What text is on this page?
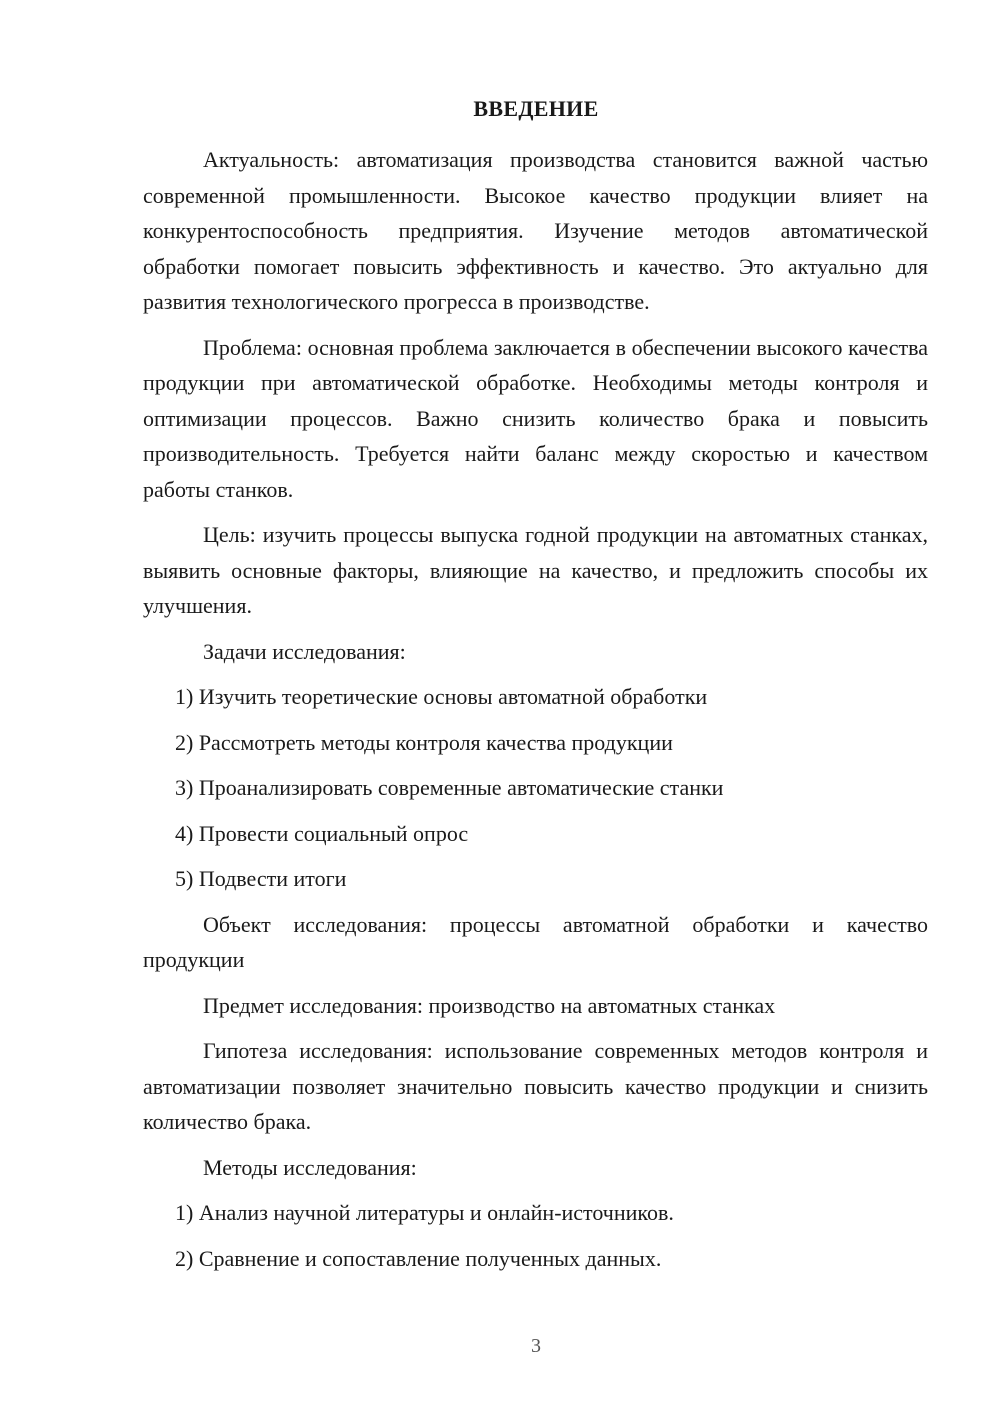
ВВЕДЕНИЕ

Актуальность: автоматизация производства становится важной частью современной промышленности. Высокое качество продукции влияет на конкурентоспособность предприятия. Изучение методов автоматической обработки помогает повысить эффективность и качество. Это актуально для развития технологического прогресса в производстве.

Проблема: основная проблема заключается в обеспечении высокого качества продукции при автоматической обработке. Необходимы методы контроля и оптимизации процессов. Важно снизить количество брака и повысить производительность. Требуется найти баланс между скоростью и качеством работы станков.

Цель: изучить процессы выпуска годной продукции на автоматных станках, выявить основные факторы, влияющие на качество, и предложить способы их улучшения.

Задачи исследования:

1) Изучить теоретические основы автоматной обработки
2) Рассмотреть методы контроля качества продукции
3) Проанализировать современные автоматические станки
4) Провести социальный опрос
5) Подвести итоги

Объект исследования: процессы автоматной обработки и качество продукции

Предмет исследования: производство на автоматных станках

Гипотеза исследования: использование современных методов контроля и автоматизации позволяет значительно повысить качество продукции и снизить количество брака.

Методы исследования:

1) Анализ научной литературы и онлайн-источников.
2) Сравнение и сопоставление полученных данных.
3
